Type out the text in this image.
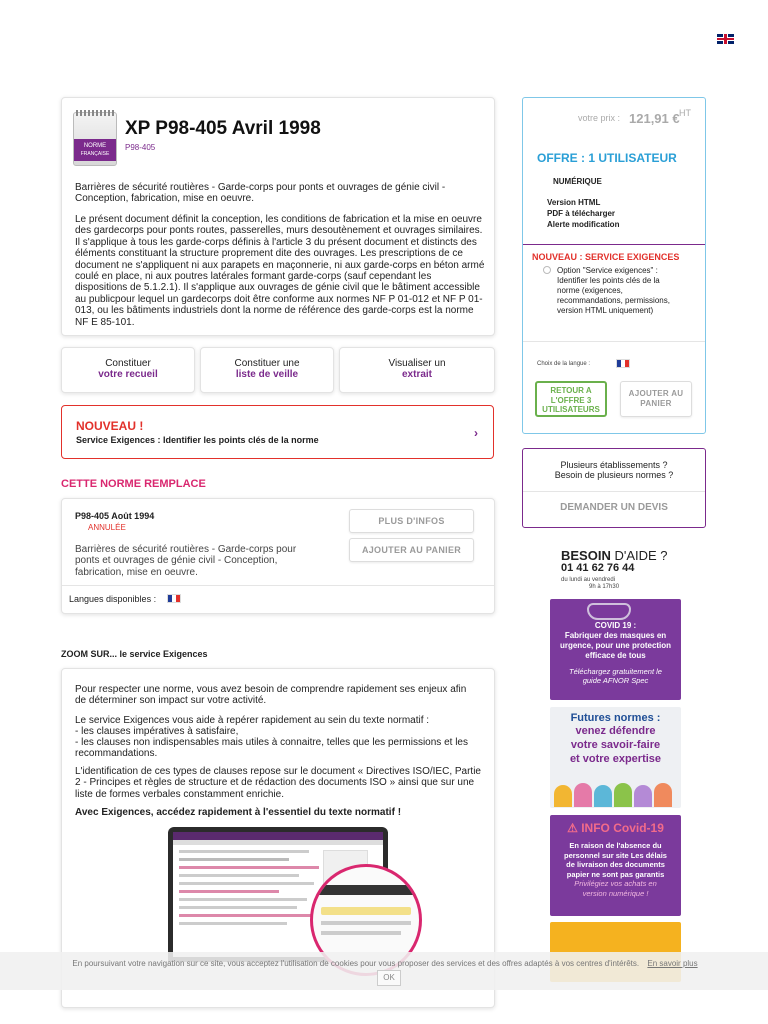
NORME
FRANÇAISE
XP P98-405 Avril 1998
P98-405

Barrières de sécurité routières - Garde-corps pour ponts et ouvrages de génie civil - Conception, fabrication, mise en oeuvre.

Le présent document définit la conception, les conditions de fabrication et la mise en oeuvre des gardecorps pour ponts routes, passerelles, murs desoutènement et ouvrages similaires. Il s'applique à tous les garde-corps définis à l'article 3 du présent document et distincts des éléments constituant la structure proprement dite des ouvrages. Les prescriptions de ce document ne s'appliquent ni aux parapets en maçonnerie, ni aux garde-corps en béton armé coulé en place, ni aux poutres latérales formant garde-corps (sauf cependant les dispositions de 5.1.2.1). Il s'applique aux ouvrages de génie civil que le bâtiment accessible au publicpour lequel un gardecorps doit être conforme aux normes NF P 01-012 et NF P 01-013, ou les bâtiments industriels dont la norme de référence des garde-corps est la norme NF E 85-101.

Constituer
votre recueil
Constituer une
liste de veille
Visualiser un
extrait
NOUVEAU !
Service Exigences : Identifier les points clés de la norme	›
CETTE NORME REMPLACE
P98-405 Août 1994
ANNULÉE

Barrières de sécurité routières - Garde-corps pour ponts et ouvrages de génie civil - Conception, fabrication, mise en oeuvre.

PLUS D'INFOS
AJOUTER AU PANIER
Langues disponibles :
ZOOM SUR... le service Exigences

Pour respecter une norme, vous avez besoin de comprendre rapidement ses enjeux afin de déterminer son impact sur votre activité.

Le service Exigences vous aide à repérer rapidement au sein du texte normatif :

- les clauses impératives à satisfaire,

- les clauses non indispensables mais utiles à connaitre, telles que les permissions et les recommandations.

L'identification de ces types de clauses repose sur le document « Directives ISO/IEC, Partie 2 - Principes et règles de structure et de rédaction des documents ISO » ainsi que sur une liste de formes verbales constamment enrichie.

Avec Exigences, accédez rapidement à l'essentiel du texte normatif !

votre prix : 121,91 € HT
OFFRE : 1 UTILISATEUR
NUMÉRIQUE
Version HTML
PDF à télécharger
Alerte modification
NOUVEAU : SERVICE EXIGENCES

Option "Service exigences" : Identifier les points clés de la norme (exigences, recommandations, permissions, version HTML uniquement)

Choix de la langue :
RETOUR A L'OFFRE 3 UTILISATEURS
AJOUTER AU PANIER
Plusieurs établissements ?
Besoin de plusieurs normes ?
DEMANDER UN DEVIS
BESOIN D'AIDE ?
01 41 62 76 44
du lundi au vendredi
9h à 17h30
COVID 19 :
Fabriquer des masques en urgence, pour une protection efficace de tous
Téléchargez gratuitement le guide AFNOR Spec
Futures normes :
venez défendre
votre savoir-faire
et votre expertise
⚠ INFO Covid-19
En raison de l'absence du personnel sur site Les délais de livraison des documents papier ne sont pas garantis
Privilégiez vos achats en version numérique !
En poursuivant votre navigation sur ce site, vous acceptez l'utilisation de cookies pour vous proposer des services et des offres adaptés à vos centres d'intérêts. En savoir plus OK
